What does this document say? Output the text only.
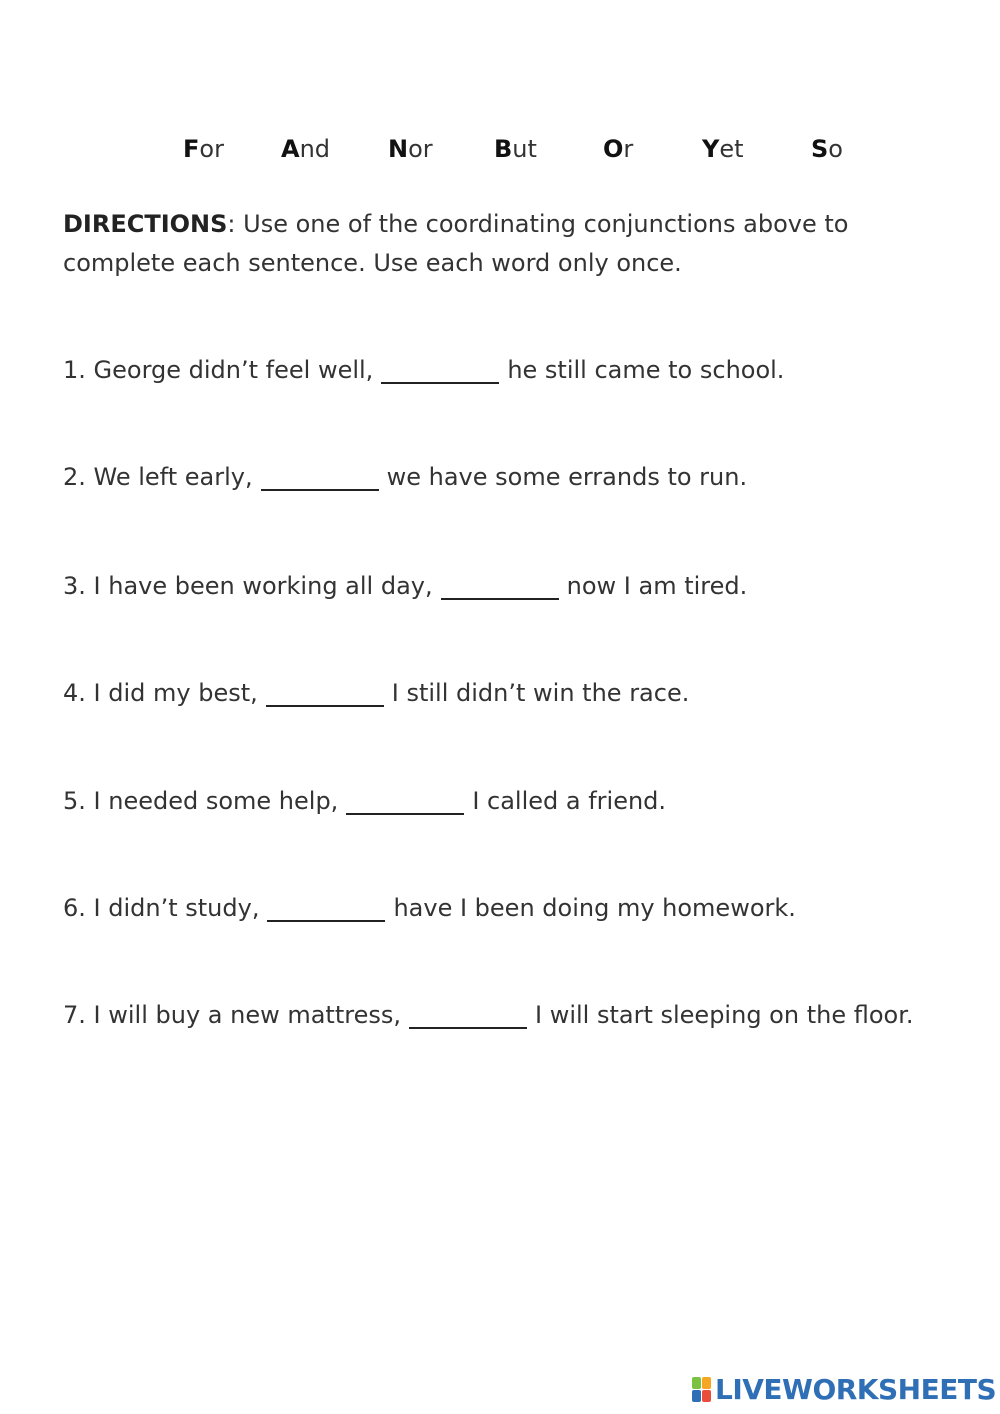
For And Nor	But	Or	Yet	So
DIRECTIONS: Use one of the coordinating conjunctions above to complete each sentence. Use each word only once.
1. George didn’t feel well,	he still came to school.
2. We left early,	we have some errands to run.
3. I have been working all day,	now I am tired.
4. I did my best,	I still didn’t win the race.
5. I needed some help,	I called a friend.
6. I didn’t study,	have I been doing my homework.
7. I will buy a new mattress,	I will start sleeping on the floor.
LIVEWORKSHEETS
